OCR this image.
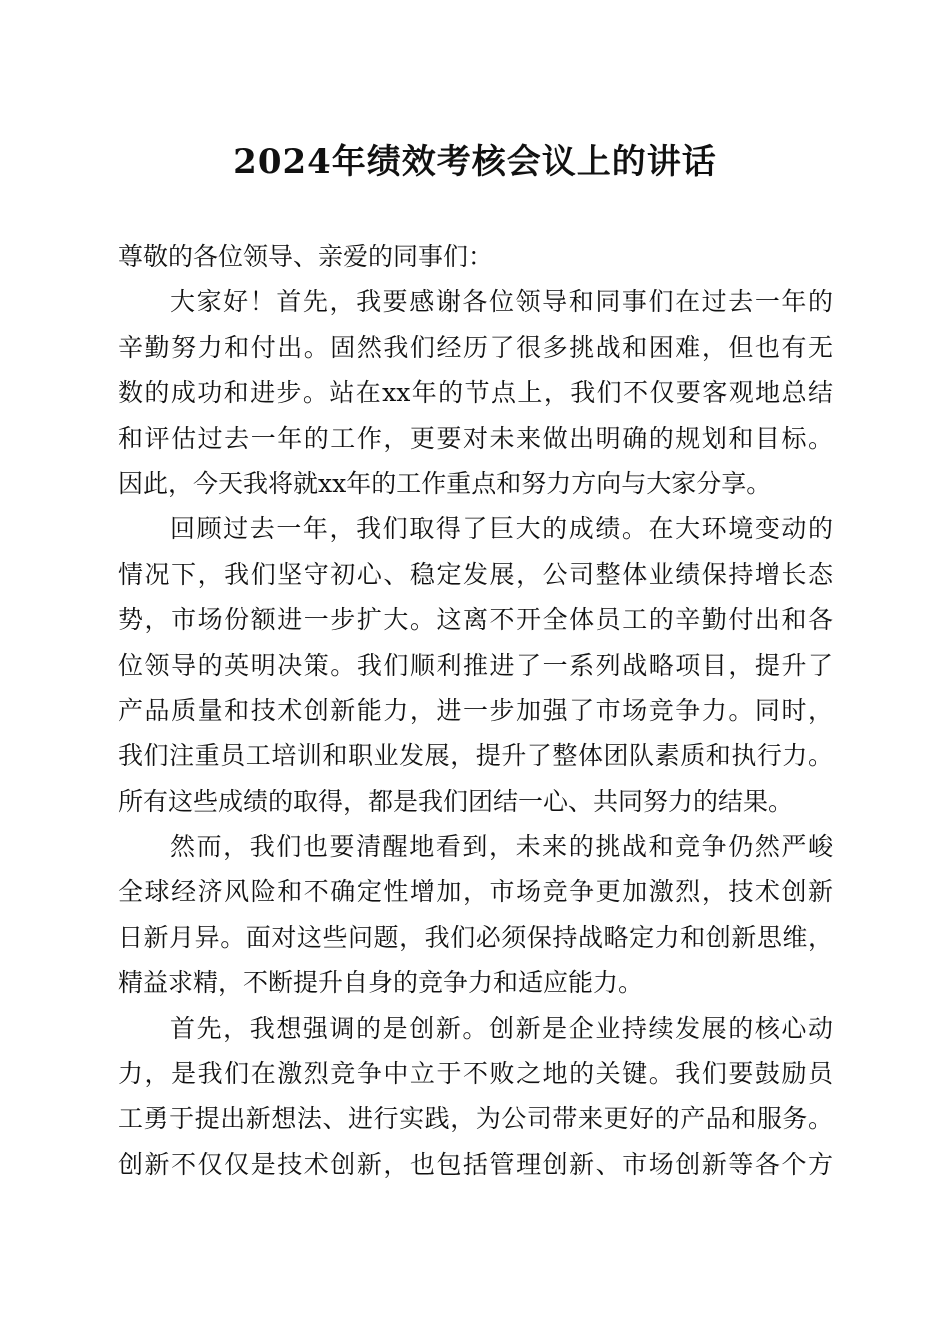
2024年绩效考核会议上的讲话
尊敬的各位领导、亲爱的同事们：
大家好！首先，我要感谢各位领导和同事们在过去一年的
辛勤努力和付出。固然我们经历了很多挑战和困难，但也有无
数的成功和进步。站在xx年的节点上，我们不仅要客观地总结
和评估过去一年的工作，更要对未来做出明确的规划和目标。
因此，今天我将就xx年的工作重点和努力方向与大家分享。
回顾过去一年，我们取得了巨大的成绩。在大环境变动的
情况下，我们坚守初心、稳定发展，公司整体业绩保持增长态
势，市场份额进一步扩大。这离不开全体员工的辛勤付出和各
位领导的英明决策。我们顺利推进了一系列战略项目，提升了
产品质量和技术创新能力，进一步加强了市场竞争力。同时，
我们注重员工培训和职业发展，提升了整体团队素质和执行力。
所有这些成绩的取得，都是我们团结一心、共同努力的结果。
然而，我们也要清醒地看到，未来的挑战和竞争仍然严峻
全球经济风险和不确定性增加，市场竞争更加激烈，技术创新
日新月异。面对这些问题，我们必须保持战略定力和创新思维，
精益求精，不断提升自身的竞争力和适应能力。
首先，我想强调的是创新。创新是企业持续发展的核心动
力，是我们在激烈竞争中立于不败之地的关键。我们要鼓励员
工勇于提出新想法、进行实践，为公司带来更好的产品和服务。
创新不仅仅是技术创新，也包括管理创新、市场创新等各个方
